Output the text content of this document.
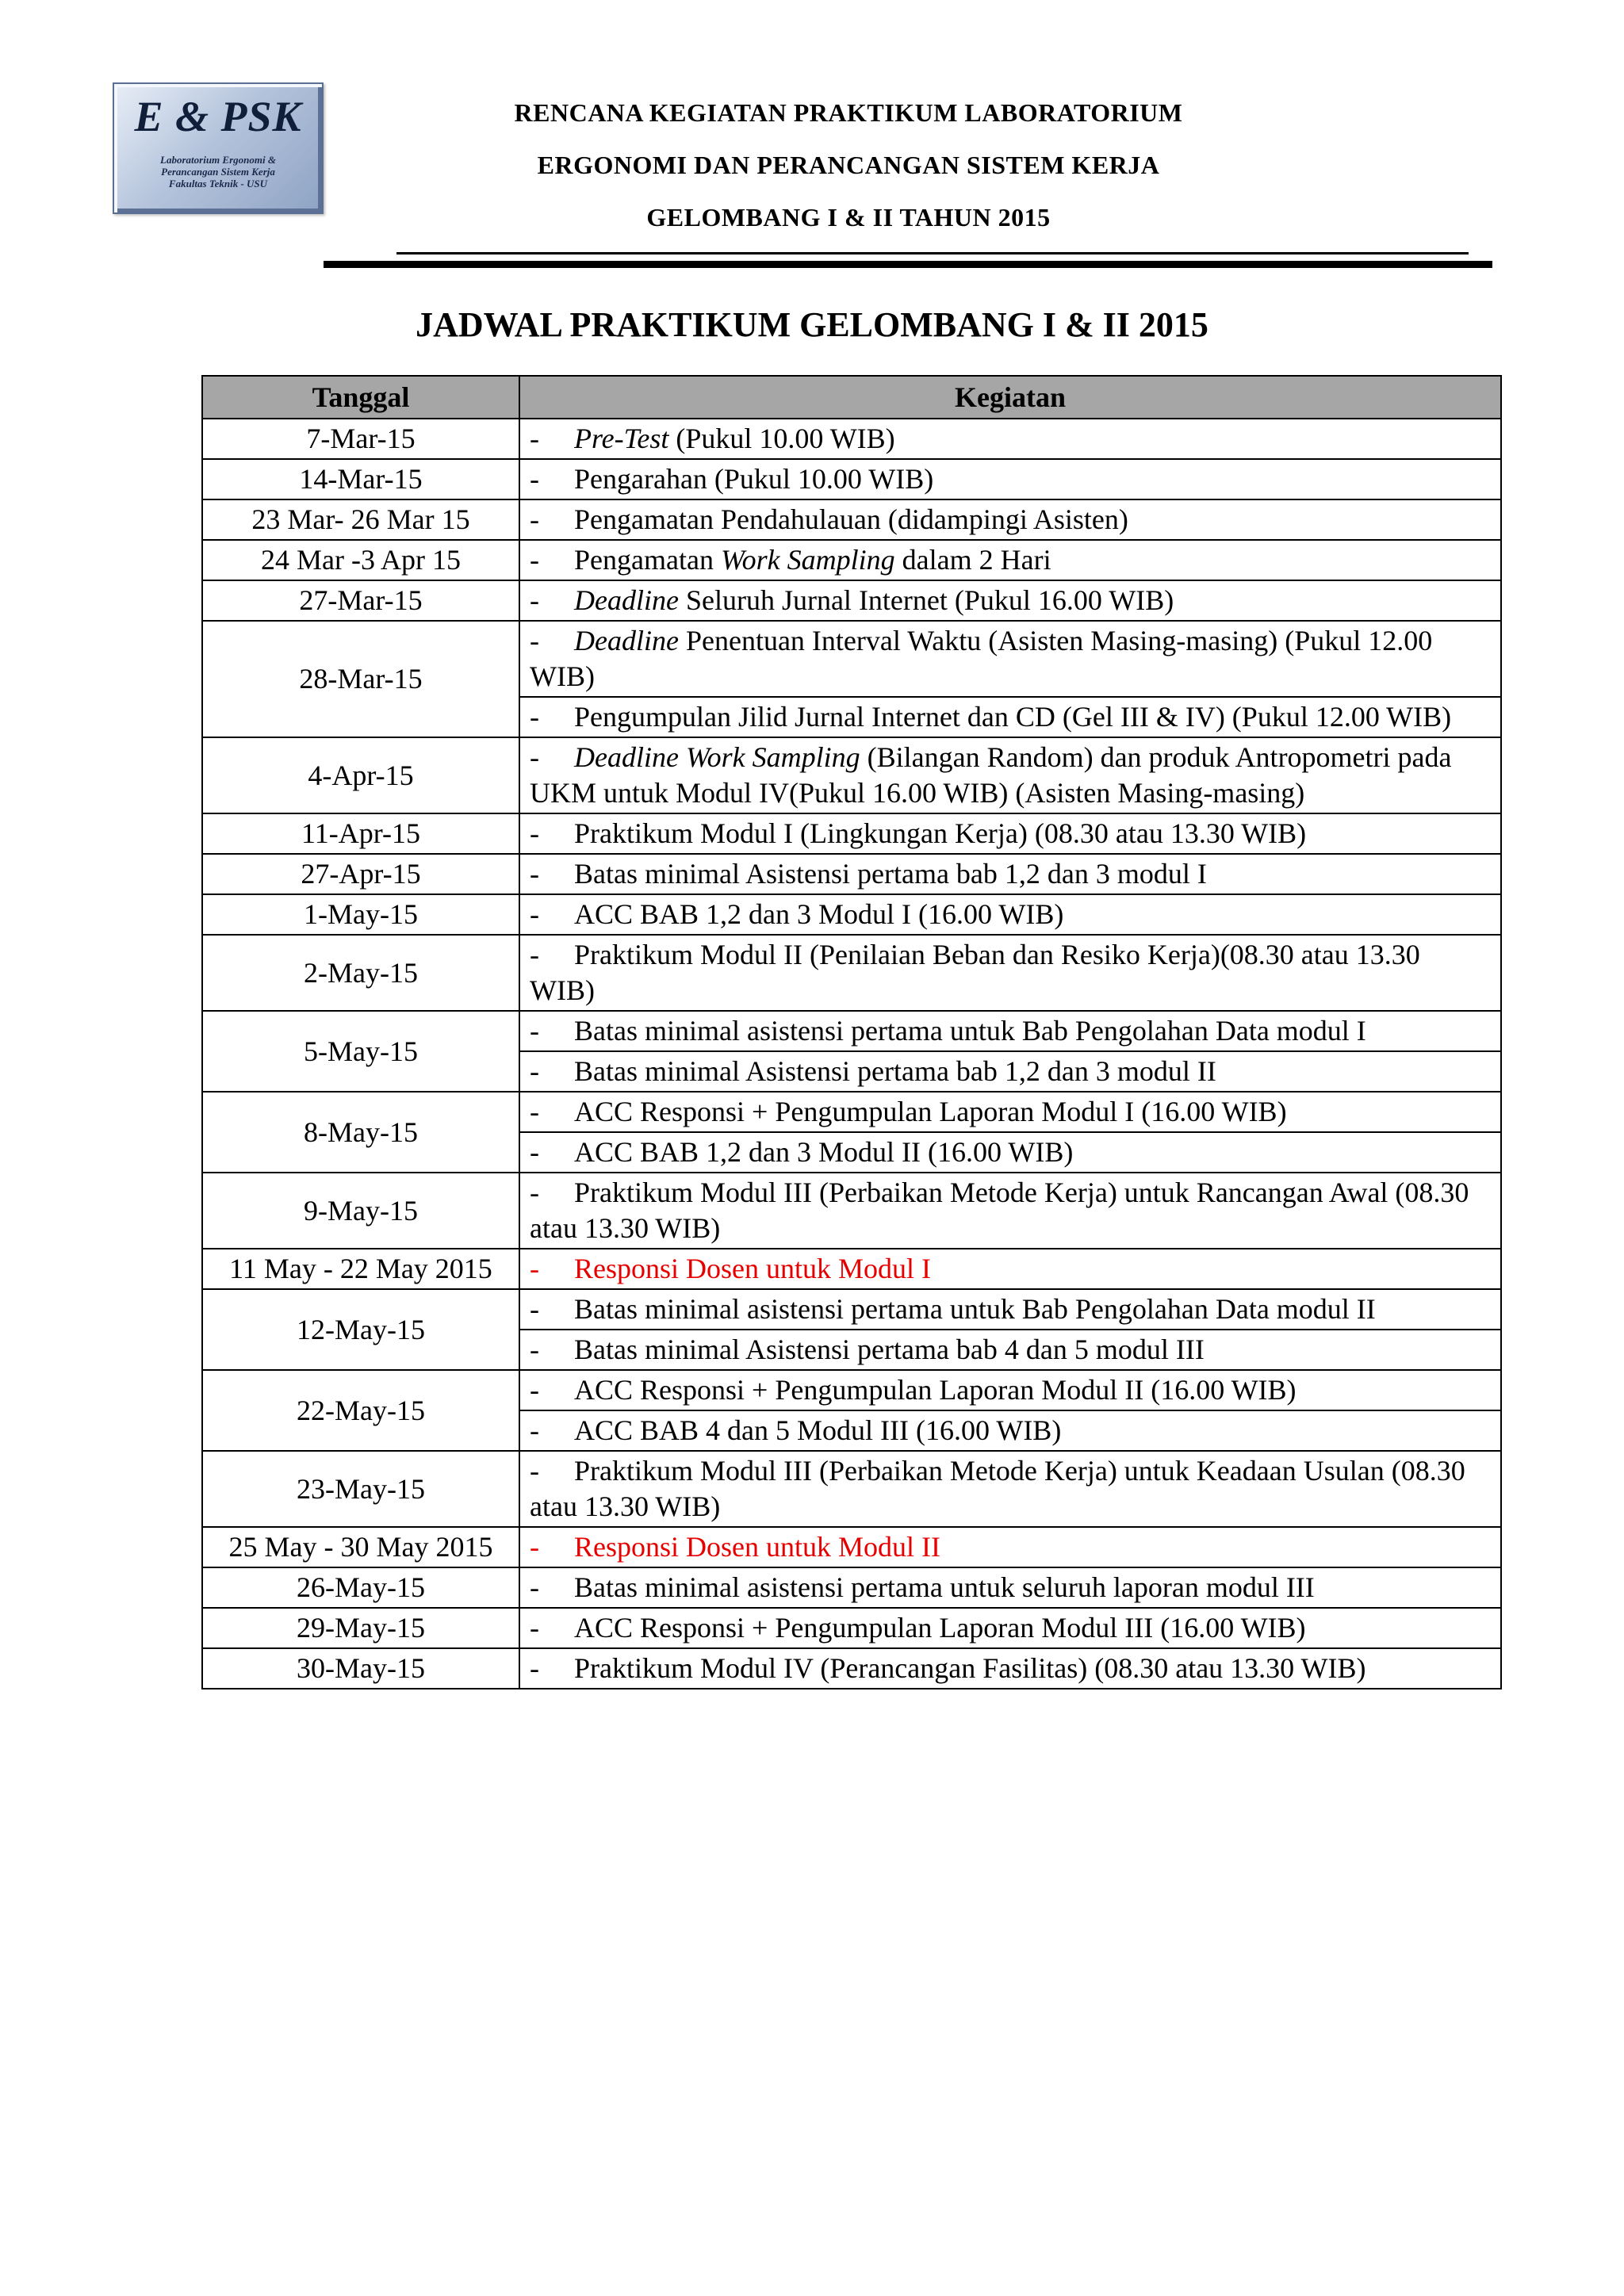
E & PSK
Laboratorium Ergonomi &
Perancangan Sistem Kerja
Fakultas Teknik - USU
RENCANA KEGIATAN PRAKTIKUM LABORATORIUM
ERGONOMI DAN PERANCANGAN SISTEM KERJA
GELOMBANG I & II TAHUN 2015
JADWAL PRAKTIKUM GELOMBANG I & II 2015
Tanggal	Kegiatan
7-Mar-15	- Pre-Test (Pukul 10.00 WIB)
14-Mar-15	- Pengarahan (Pukul 10.00 WIB)
23 Mar- 26 Mar 15	- Pengamatan Pendahulauan (didampingi Asisten)
24 Mar -3 Apr 15	- Pengamatan Work Sampling dalam 2 Hari
27-Mar-15	- Deadline Seluruh Jurnal Internet (Pukul 16.00 WIB)
28-Mar-15	- Deadline Penentuan Interval Waktu (Asisten Masing-masing) (Pukul 12.00 WIB)
	- Pengumpulan Jilid Jurnal Internet dan CD (Gel III & IV) (Pukul 12.00 WIB)
4-Apr-15	- Deadline Work Sampling (Bilangan Random) dan produk Antropometri pada UKM untuk Modul IV(Pukul 16.00 WIB) (Asisten Masing-masing)
11-Apr-15	- Praktikum Modul I (Lingkungan Kerja) (08.30 atau 13.30 WIB)
27-Apr-15	- Batas minimal Asistensi pertama bab 1,2 dan 3 modul I
1-May-15	- ACC BAB 1,2 dan 3 Modul I (16.00 WIB)
2-May-15	- Praktikum Modul II (Penilaian Beban dan Resiko Kerja)(08.30 atau 13.30 WIB)
5-May-15	- Batas minimal asistensi pertama untuk Bab Pengolahan Data modul I
	- Batas minimal Asistensi pertama bab 1,2 dan 3 modul II
8-May-15	- ACC Responsi + Pengumpulan Laporan Modul I (16.00 WIB)
	- ACC BAB 1,2 dan 3 Modul II (16.00 WIB)
9-May-15	- Praktikum Modul III (Perbaikan Metode Kerja) untuk Rancangan Awal (08.30 atau 13.30 WIB)
11 May - 22 May 2015	- Responsi Dosen untuk Modul I
12-May-15	- Batas minimal asistensi pertama untuk Bab Pengolahan Data modul II
	- Batas minimal Asistensi pertama bab 4 dan 5 modul III
22-May-15	- ACC Responsi + Pengumpulan Laporan Modul II (16.00 WIB)
	- ACC BAB 4 dan 5 Modul III (16.00 WIB)
23-May-15	- Praktikum Modul III (Perbaikan Metode Kerja) untuk Keadaan Usulan (08.30 atau 13.30 WIB)
25 May - 30 May 2015	- Responsi Dosen untuk Modul II
26-May-15	- Batas minimal asistensi pertama untuk seluruh laporan modul III
29-May-15	- ACC Responsi + Pengumpulan Laporan Modul III (16.00 WIB)
30-May-15	- Praktikum Modul IV (Perancangan Fasilitas) (08.30 atau 13.30 WIB)
